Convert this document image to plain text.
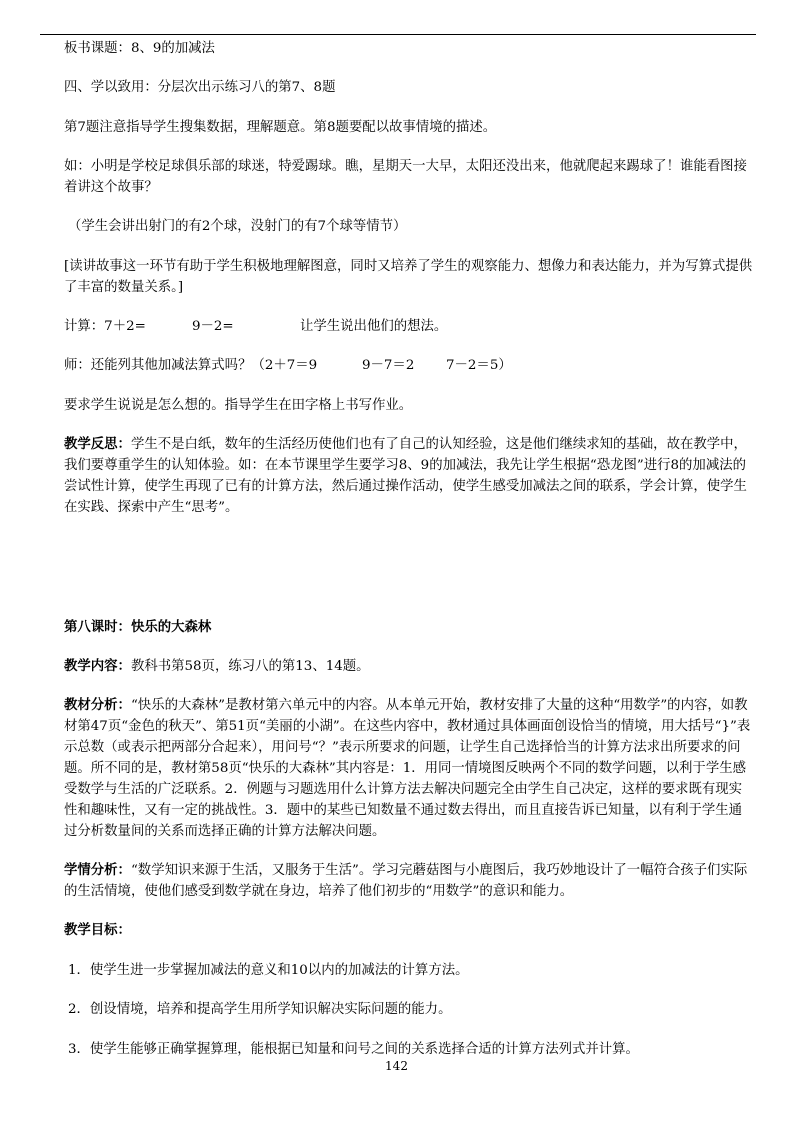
板书课题：8、9的加减法

四、学以致用：分层次出示练习八的第7、8题

第7题注意指导学生搜集数据，理解题意。第8题要配以故事情境的描述。

如：小明是学校足球俱乐部的球迷，特爱踢球。瞧，星期天一大早，太阳还没出来，他就爬起来踢球了！谁能看图接着讲这个故事？

（学生会讲出射门的有2个球，没射门的有7个球等情节）

[读讲故事这一环节有助于学生积极地理解图意，同时又培养了学生的观察能力、想像力和表达能力，并为写算式提供了丰富的数量关系。]

计算：7＋2=	9－2=	让学生说出他们的想法。

师：还能列其他加减法算式吗？（2＋7＝9	9－7＝2 7－2＝5）

要求学生说说是怎么想的。指导学生在田字格上书写作业。

教学反思：学生不是白纸，数年的生活经历使他们也有了自己的认知经验，这是他们继续求知的基础，故在教学中，我们要尊重学生的认知体验。如：在本节课里学生要学习8、9的加减法，我先让学生根据“恐龙图”进行8的加减法的尝试性计算，使学生再现了已有的计算方法，然后通过操作活动，使学生感受加减法之间的联系，学会计算，使学生在实践、探索中产生“思考”。

第八课时：快乐的大森林

教学内容：教科书第58页，练习八的第13、14题。

教材分析：“快乐的大森林”是教材第六单元中的内容。从本单元开始，教材安排了大量的这种“用数学”的内容，如教材第47页“金色的秋天”、第51页“美丽的小湖”。在这些内容中，教材通过具体画面创设恰当的情境，用大括号“}”表示总数（或表示把两部分合起来），用问号“？”表示所要求的问题，让学生自己选择恰当的计算方法求出所要求的问题。所不同的是，教材第58页“快乐的大森林”其内容是：1．用同一情境图反映两个不同的数学问题，以利于学生感受数学与生活的广泛联系。2．例题与习题选用什么计算方法去解决问题完全由学生自己决定，这样的要求既有现实性和趣味性，又有一定的挑战性。3．题中的某些已知数量不通过数去得出，而且直接告诉已知量，以有利于学生通过分析数量间的关系而选择正确的计算方法解决问题。

学情分析：“数学知识来源于生活，又服务于生活”。学习完蘑菇图与小鹿图后，我巧妙地设计了一幅符合孩子们实际的生活情境，使他们感受到数学就在身边，培养了他们初步的“用数学”的意识和能力。

教学目标：

1．使学生进一步掌握加减法的意义和10以内的加减法的计算方法。

2．创设情境，培养和提高学生用所学知识解决实际问题的能力。

3．使学生能够正确掌握算理，能根据已知量和问号之间的关系选择合适的计算方法列式并计算。

142
